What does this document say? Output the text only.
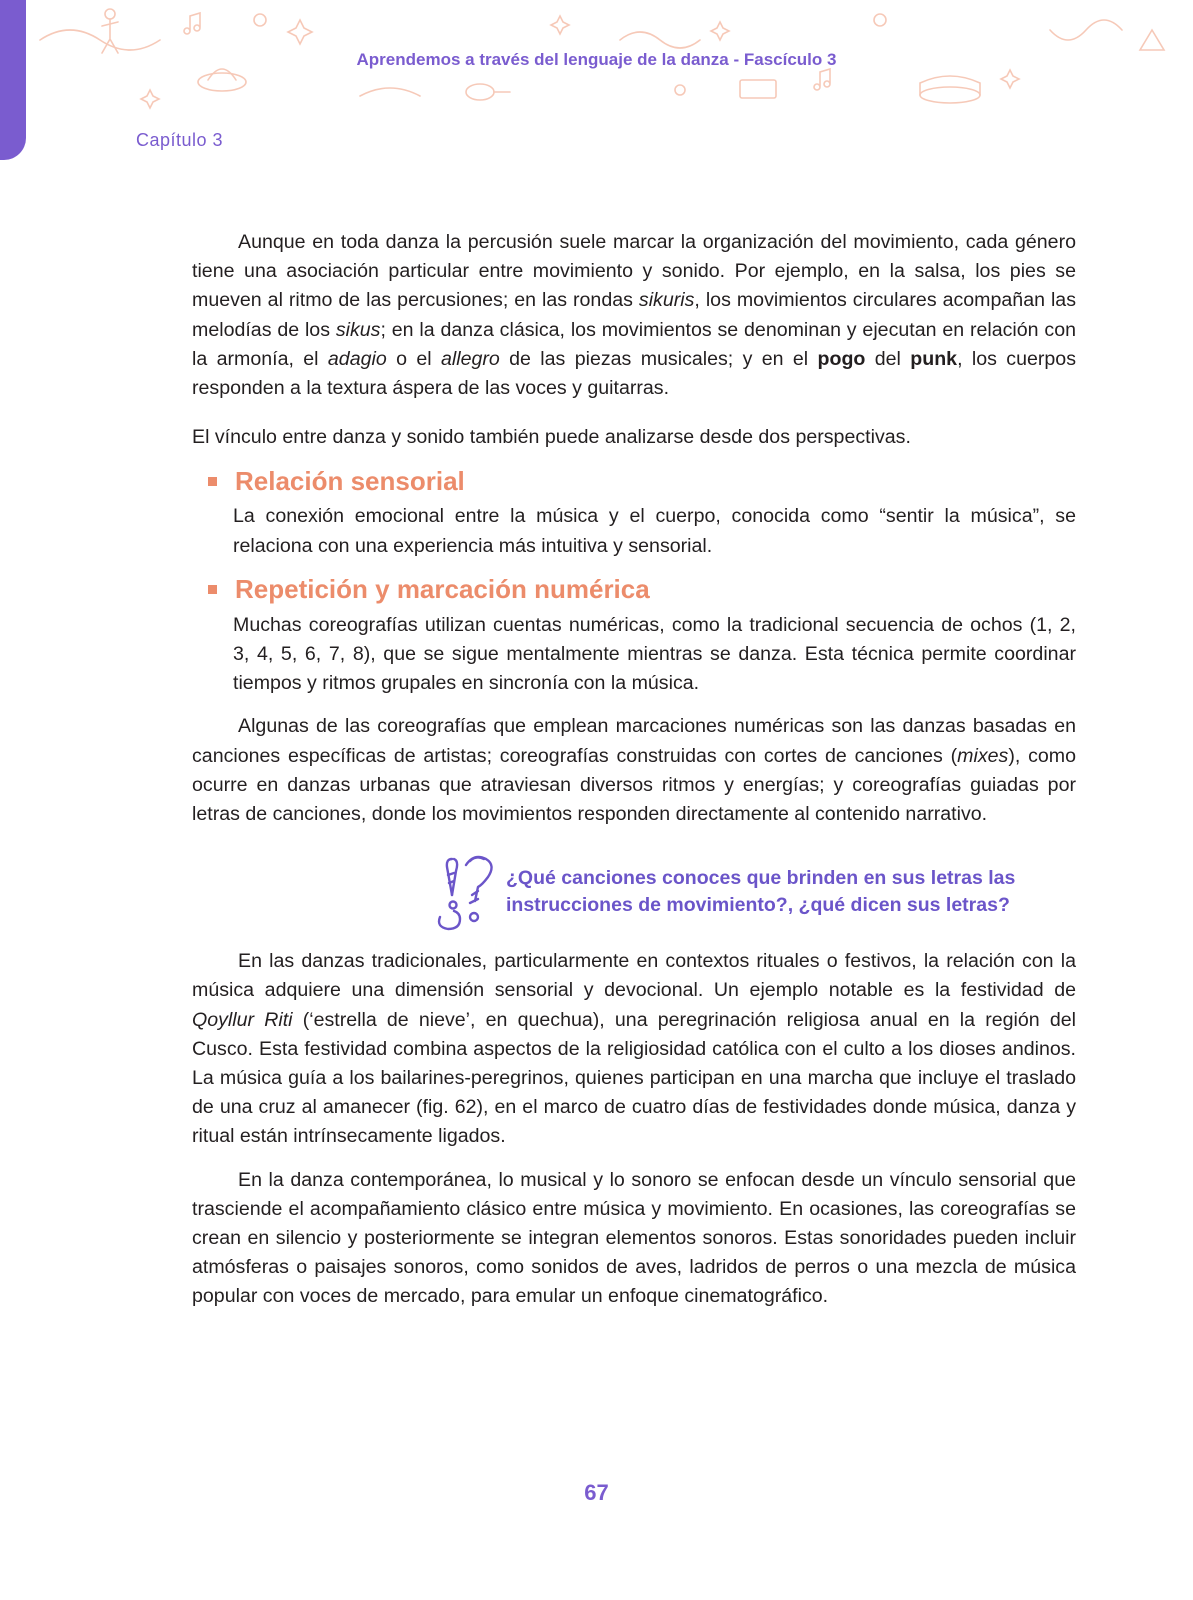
Aprendemos a través del lenguaje de la danza - Fascículo 3
Capítulo 3

Aunque en toda danza la percusión suele marcar la organización del movimiento, cada género tiene una asociación particular entre movimiento y sonido. Por ejemplo, en la salsa, los pies se mueven al ritmo de las percusiones; en las rondas sikuris, los movimientos circulares acompañan las melodías de los sikus; en la danza clásica, los movimientos se denominan y ejecutan en relación con la armonía, el adagio o el allegro de las piezas musicales; y en el pogo del punk, los cuerpos responden a la textura áspera de las voces y guitarras.

El vínculo entre danza y sonido también puede analizarse desde dos perspectivas.

Relación sensorial

La conexión emocional entre la música y el cuerpo, conocida como “sentir la música”, se relaciona con una experiencia más intuitiva y sensorial.

Repetición y marcación numérica

Muchas coreografías utilizan cuentas numéricas, como la tradicional secuencia de ochos (1, 2, 3, 4, 5, 6, 7, 8), que se sigue mentalmente mientras se danza. Esta técnica permite coordinar tiempos y ritmos grupales en sincronía con la música.

Algunas de las coreografías que emplean marcaciones numéricas son las danzas basadas en canciones específicas de artistas; coreografías construidas con cortes de canciones (mixes), como ocurre en danzas urbanas que atraviesan diversos ritmos y energías; y coreografías guiadas por letras de canciones, donde los movimientos responden directamente al contenido narrativo.

¿Qué canciones conoces que brinden en sus letras las
instrucciones de movimiento?, ¿qué dicen sus letras?

En las danzas tradicionales, particularmente en contextos rituales o festivos, la relación con la música adquiere una dimensión sensorial y devocional. Un ejemplo notable es la festividad de Qoyllur Riti (‘estrella de nieve’, en quechua), una peregrinación religiosa anual en la región del Cusco. Esta festividad combina aspectos de la religiosidad católica con el culto a los dioses andinos. La música guía a los bailarines-peregrinos, quienes participan en una marcha que incluye el traslado de una cruz al amanecer (fig. 62), en el marco de cuatro días de festividades donde música, danza y ritual están intrínsecamente ligados.

En la danza contemporánea, lo musical y lo sonoro se enfocan desde un vínculo sensorial que trasciende el acompañamiento clásico entre música y movimiento. En ocasiones, las coreografías se crean en silencio y posteriormente se integran elementos sonoros. Estas sonoridades pueden incluir atmósferas o paisajes sonoros, como sonidos de aves, ladridos de perros o una mezcla de música popular con voces de mercado, para emular un enfoque cinematográfico.

67
